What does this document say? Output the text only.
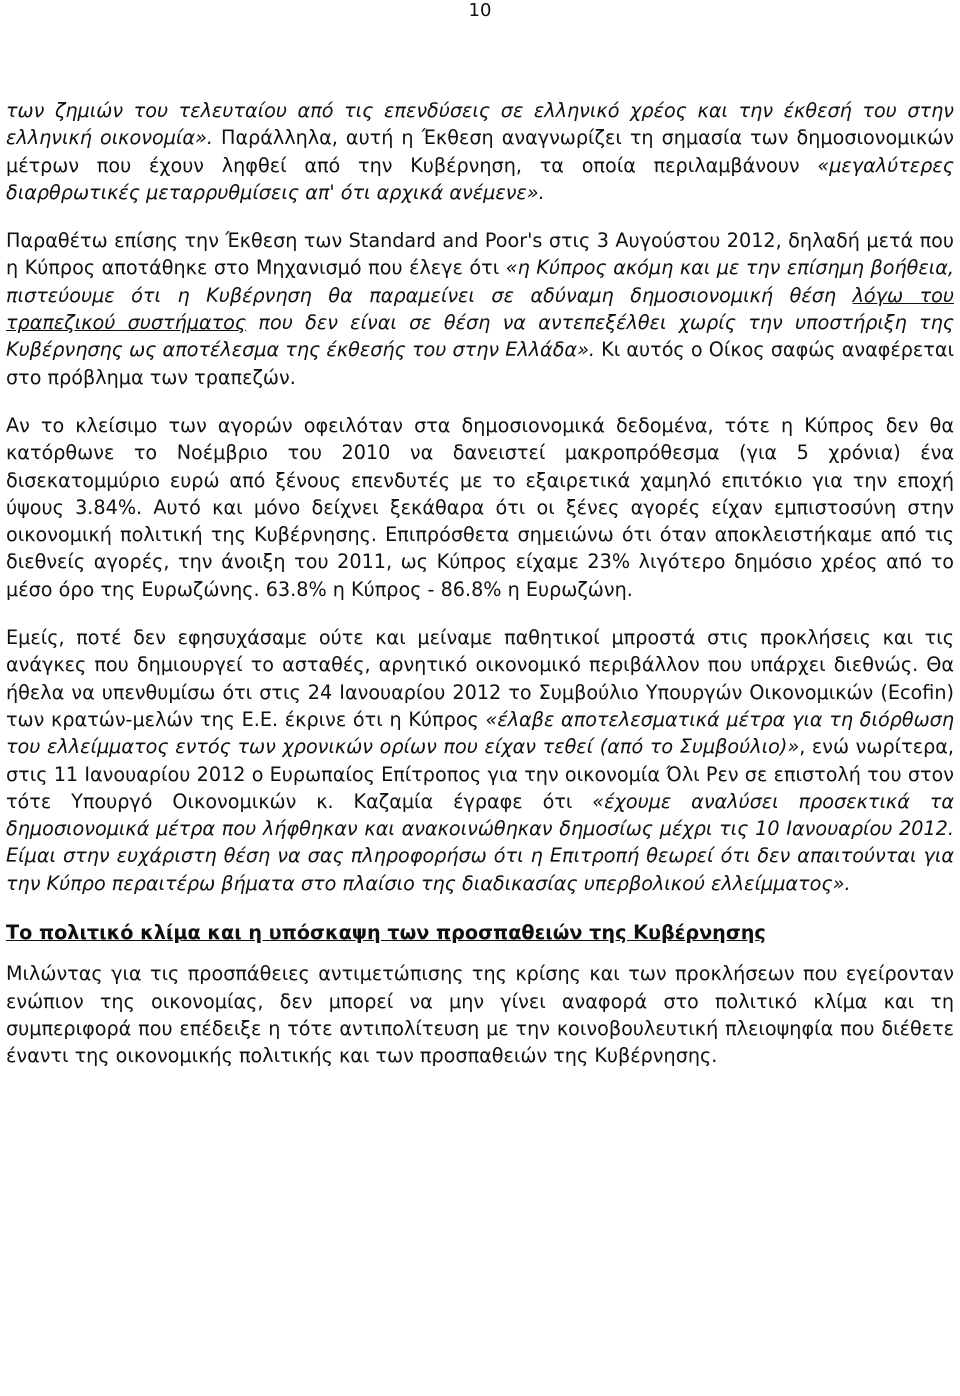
10

των ζημιών του τελευταίου από τις επενδύσεις σε ελληνικό χρέος και την έκθεσή του στην ελληνική οικονομία». Παράλληλα, αυτή η Έκθεση αναγνωρίζει τη σημασία των δημοσιονομικών μέτρων που έχουν ληφθεί από την Κυβέρνηση, τα οποία περιλαμβάνουν «μεγαλύτερες διαρθρωτικές μεταρρυθμίσεις απ' ότι αρχικά ανέμενε».

Παραθέτω επίσης την Έκθεση των Standard and Poor's στις 3 Αυγούστου 2012, δηλαδή μετά που η Κύπρος αποτάθηκε στο Μηχανισμό που έλεγε ότι «η Κύπρος ακόμη και με την επίσημη βοήθεια, πιστεύουμε ότι η Κυβέρνηση θα παραμείνει σε αδύναμη δημοσιονομική θέση λόγω του τραπεζικού συστήματος που δεν είναι σε θέση να αντεπεξέλθει χωρίς την υποστήριξη της Κυβέρνησης ως αποτέλεσμα της έκθεσής του στην Ελλάδα». Κι αυτός ο Οίκος σαφώς αναφέρεται στο πρόβλημα των τραπεζών.

Αν το κλείσιμο των αγορών οφειλόταν στα δημοσιονομικά δεδομένα, τότε η Κύπρος δεν θα κατόρθωνε το Νοέμβριο του 2010 να δανειστεί μακροπρόθεσμα (για 5 χρόνια) ένα δισεκατομμύριο ευρώ από ξένους επενδυτές με το εξαιρετικά χαμηλό επιτόκιο για την εποχή ύψους 3.84%. Αυτό και μόνο δείχνει ξεκάθαρα ότι οι ξένες αγορές είχαν εμπιστοσύνη στην οικονομική πολιτική της Κυβέρνησης. Επιπρόσθετα σημειώνω ότι όταν αποκλειστήκαμε από τις διεθνείς αγορές, την άνοιξη του 2011, ως Κύπρος είχαμε 23% λιγότερο δημόσιο χρέος από το μέσο όρο της Ευρωζώνης. 63.8% η Κύπρος - 86.8% η Ευρωζώνη.

Εμείς, ποτέ δεν εφησυχάσαμε ούτε και μείναμε παθητικοί μπροστά στις προκλήσεις και τις ανάγκες που δημιουργεί το ασταθές, αρνητικό οικονομικό περιβάλλον που υπάρχει διεθνώς. Θα ήθελα να υπενθυμίσω ότι στις 24 Ιανουαρίου 2012 το Συμβούλιο Υπουργών Οικονομικών (Ecofin) των κρατών-μελών της Ε.Ε. έκρινε ότι η Κύπρος «έλαβε αποτελεσματικά μέτρα για τη διόρθωση του ελλείμματος εντός των χρονικών ορίων που είχαν τεθεί (από το Συμβούλιο)», ενώ νωρίτερα, στις 11 Ιανουαρίου 2012 ο Ευρωπαίος Επίτροπος για την οικονομία Όλι Ρεν σε επιστολή του στον τότε Υπουργό Οικονομικών κ. Καζαμία έγραφε ότι «έχουμε αναλύσει προσεκτικά τα δημοσιονομικά μέτρα που λήφθηκαν και ανακοινώθηκαν δημοσίως μέχρι τις 10 Ιανουαρίου 2012. Είμαι στην ευχάριστη θέση να σας πληροφορήσω ότι η Επιτροπή θεωρεί ότι δεν απαιτούνται για την Κύπρο περαιτέρω βήματα στο πλαίσιο της διαδικασίας υπερβολικού ελλείμματος».

Το πολιτικό κλίμα και η υπόσκαψη των προσπαθειών της Κυβέρνησης

Μιλώντας για τις προσπάθειες αντιμετώπισης της κρίσης και των προκλήσεων που εγείρονταν ενώπιον της οικονομίας, δεν μπορεί να μην γίνει αναφορά στο πολιτικό κλίμα και τη συμπεριφορά που επέδειξε η τότε αντιπολίτευση με την κοινοβουλευτική πλειοψηφία που διέθετε έναντι της οικονομικής πολιτικής και των προσπαθειών της Κυβέρνησης.
